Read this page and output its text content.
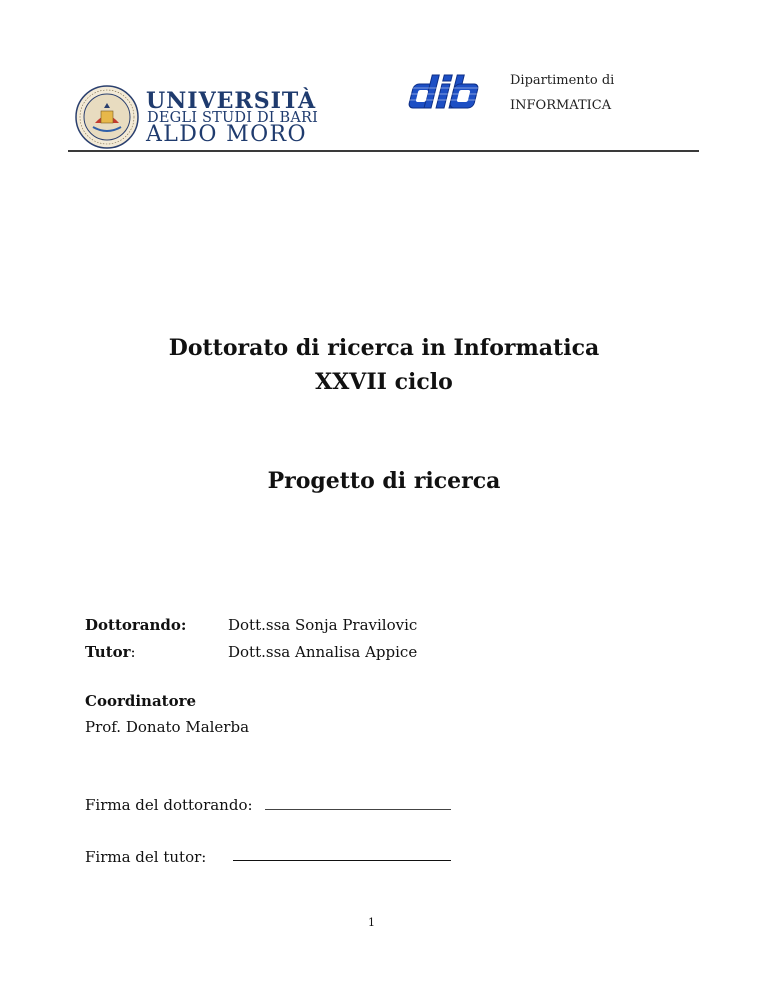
UNIVERSITÀ
DEGLI STUDI DI BARI
ALDO MORO
Dipartimento di
INFORMATICA
Dottorato di ricerca in Informatica
XXVII ciclo
Progetto di ricerca
Dottorando:	Dott.ssa Sonja Pravilovic
Tutor:	Dott.ssa Annalisa Appice
Coordinatore
Prof. Donato Malerba
Firma del dottorando:
Firma del tutor:
1
